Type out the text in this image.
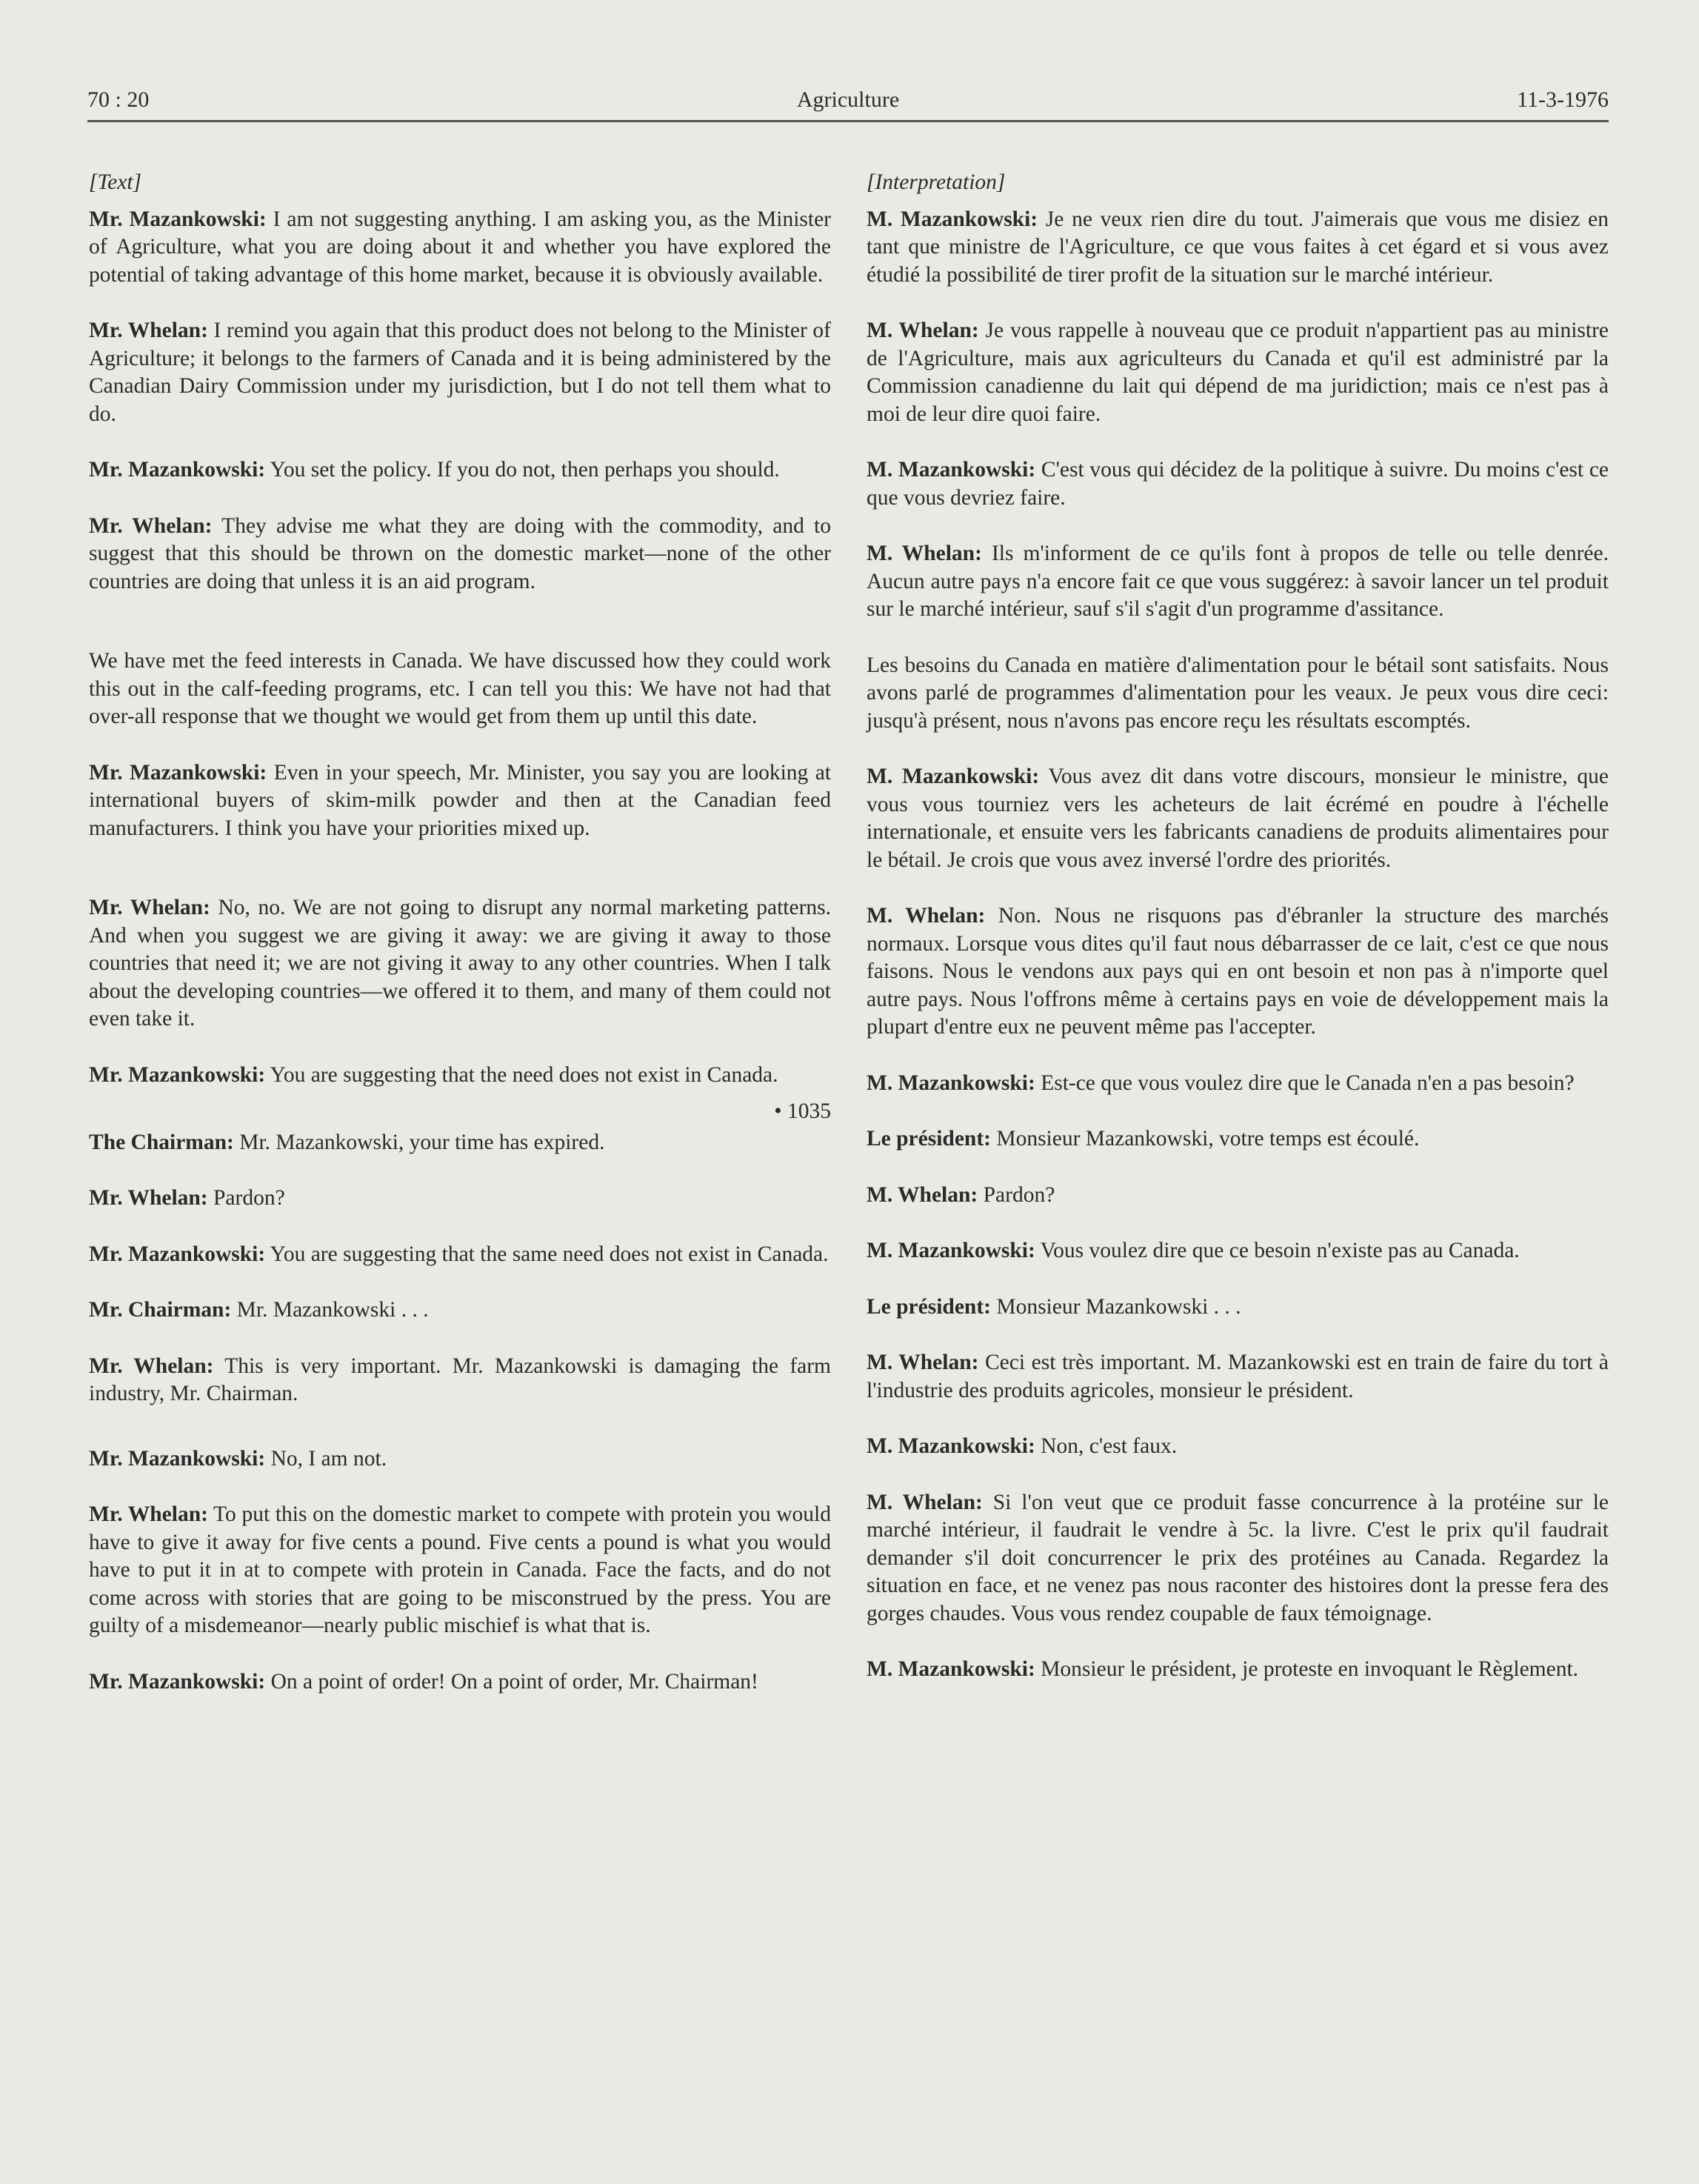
70 : 20	Agriculture	11-3-1976
[Text]

Mr. Mazankowski: I am not suggesting anything. I am asking you, as the Minister of Agriculture, what you are doing about it and whether you have explored the potential of taking advantage of this home market, because it is obviously available.

Mr. Whelan: I remind you again that this product does not belong to the Minister of Agriculture; it belongs to the farmers of Canada and it is being administered by the Canadian Dairy Commission under my jurisdiction, but I do not tell them what to do.

Mr. Mazankowski: You set the policy. If you do not, then perhaps you should.

Mr. Whelan: They advise me what they are doing with the commodity, and to suggest that this should be thrown on the domestic market—none of the other countries are doing that unless it is an aid program.

We have met the feed interests in Canada. We have discussed how they could work this out in the calf-feeding programs, etc. I can tell you this: We have not had that over-all response that we thought we would get from them up until this date.

Mr. Mazankowski: Even in your speech, Mr. Minister, you say you are looking at international buyers of skim-milk powder and then at the Canadian feed manufacturers. I think you have your priorities mixed up.

Mr. Whelan: No, no. We are not going to disrupt any normal marketing patterns. And when you suggest we are giving it away: we are giving it away to those countries that need it; we are not giving it away to any other countries. When I talk about the developing countries—we offered it to them, and many of them could not even take it.

Mr. Mazankowski: You are suggesting that the need does not exist in Canada.

• 1035

The Chairman: Mr. Mazankowski, your time has expired.

Mr. Whelan: Pardon?

Mr. Mazankowski: You are suggesting that the same need does not exist in Canada.

Mr. Chairman: Mr. Mazankowski . . .

Mr. Whelan: This is very important. Mr. Mazankowski is damaging the farm industry, Mr. Chairman.

Mr. Mazankowski: No, I am not.

Mr. Whelan: To put this on the domestic market to compete with protein you would have to give it away for five cents a pound. Five cents a pound is what you would have to put it in at to compete with protein in Canada. Face the facts, and do not come across with stories that are going to be misconstrued by the press. You are guilty of a misdemeanor—nearly public mischief is what that is.

Mr. Mazankowski: On a point of order! On a point of order, Mr. Chairman!

[Interpretation]

M. Mazankowski: Je ne veux rien dire du tout. J'aimerais que vous me disiez en tant que ministre de l'Agriculture, ce que vous faites à cet égard et si vous avez étudié la possibilité de tirer profit de la situation sur le marché intérieur.

M. Whelan: Je vous rappelle à nouveau que ce produit n'appartient pas au ministre de l'Agriculture, mais aux agriculteurs du Canada et qu'il est administré par la Commission canadienne du lait qui dépend de ma juridiction; mais ce n'est pas à moi de leur dire quoi faire.

M. Mazankowski: C'est vous qui décidez de la politique à suivre. Du moins c'est ce que vous devriez faire.

M. Whelan: Ils m'informent de ce qu'ils font à propos de telle ou telle denrée. Aucun autre pays n'a encore fait ce que vous suggérez: à savoir lancer un tel produit sur le marché intérieur, sauf s'il s'agit d'un programme d'assitance.

Les besoins du Canada en matière d'alimentation pour le bétail sont satisfaits. Nous avons parlé de programmes d'alimentation pour les veaux. Je peux vous dire ceci: jusqu'à présent, nous n'avons pas encore reçu les résultats escomptés.

M. Mazankowski: Vous avez dit dans votre discours, monsieur le ministre, que vous vous tourniez vers les acheteurs de lait écrémé en poudre à l'échelle internationale, et ensuite vers les fabricants canadiens de produits alimentaires pour le bétail. Je crois que vous avez inversé l'ordre des priorités.

M. Whelan: Non. Nous ne risquons pas d'ébranler la structure des marchés normaux. Lorsque vous dites qu'il faut nous débarrasser de ce lait, c'est ce que nous faisons. Nous le vendons aux pays qui en ont besoin et non pas à n'importe quel autre pays. Nous l'offrons même à certains pays en voie de développement mais la plupart d'entre eux ne peuvent même pas l'accepter.

M. Mazankowski: Est-ce que vous voulez dire que le Canada n'en a pas besoin?

Le président: Monsieur Mazankowski, votre temps est écoulé.

M. Whelan: Pardon?

M. Mazankowski: Vous voulez dire que ce besoin n'existe pas au Canada.

Le président: Monsieur Mazankowski . . .

M. Whelan: Ceci est très important. M. Mazankowski est en train de faire du tort à l'industrie des produits agricoles, monsieur le président.

M. Mazankowski: Non, c'est faux.

M. Whelan: Si l'on veut que ce produit fasse concurrence à la protéine sur le marché intérieur, il faudrait le vendre à 5c. la livre. C'est le prix qu'il faudrait demander s'il doit concurrencer le prix des protéines au Canada. Regardez la situation en face, et ne venez pas nous raconter des histoires dont la presse fera des gorges chaudes. Vous vous rendez coupable de faux témoignage.

M. Mazankowski: Monsieur le président, je proteste en invoquant le Règlement.
